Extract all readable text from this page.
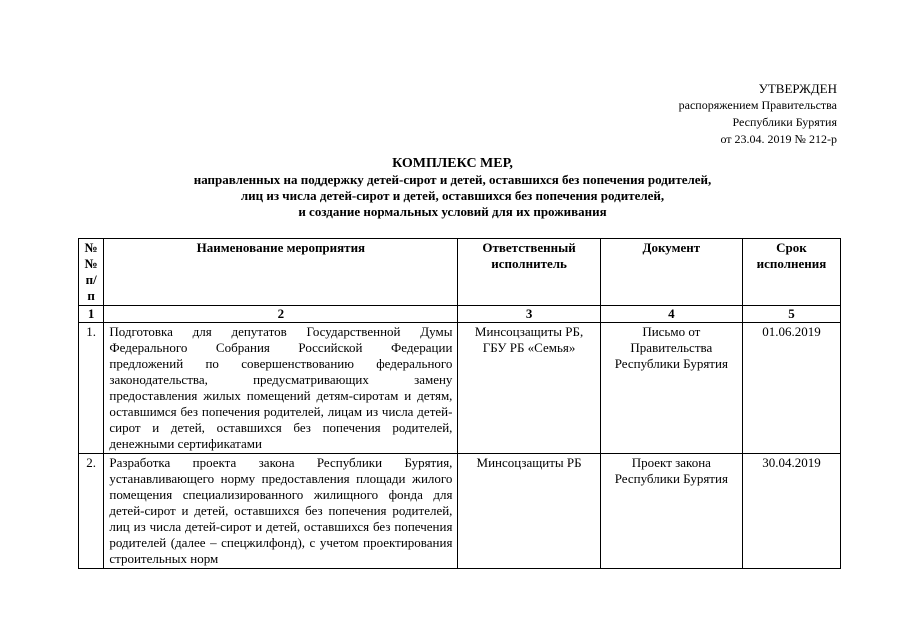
УТВЕРЖДЕН
распоряжением Правительства
Республики Бурятия
от 23.04. 2019 № 212-р
КОМПЛЕКС МЕР,
направленных на поддержку детей-сирот и детей, оставшихся без попечения родителей,
лиц из числа детей-сирот и детей, оставшихся без попечения родителей,
и создание нормальных условий для их проживания
№№ п/п	Наименование мероприятия	Ответственный исполнитель	Документ	Срок исполнения
1	2	3	4	5
1.	Подготовка для депутатов Государственной Думы Федерального Собрания Российской Федерации предложений по совершенствованию федерального законодательства, предусматривающих замену предоставления жилых помещений детям-сиротам и детям, оставшимся без попечения родителей, лицам из числа детей-сирот и детей, оставшихся без попечения родителей, денежными сертификатами	Минсоцзащиты РБ, ГБУ РБ «Семья»	Письмо от Правительства Республики Бурятия	01.06.2019
2.	Разработка проекта закона Республики Бурятия, устанавливающего норму предоставления площади жилого помещения специализированного жилищного фонда для детей-сирот и детей, оставшихся без попечения родителей, лиц из числа детей-сирот и детей, оставшихся без попечения родителей (далее – спецжилфонд), с учетом проектирования строительных норм	Минсоцзащиты РБ	Проект закона Республики Бурятия	30.04.2019
